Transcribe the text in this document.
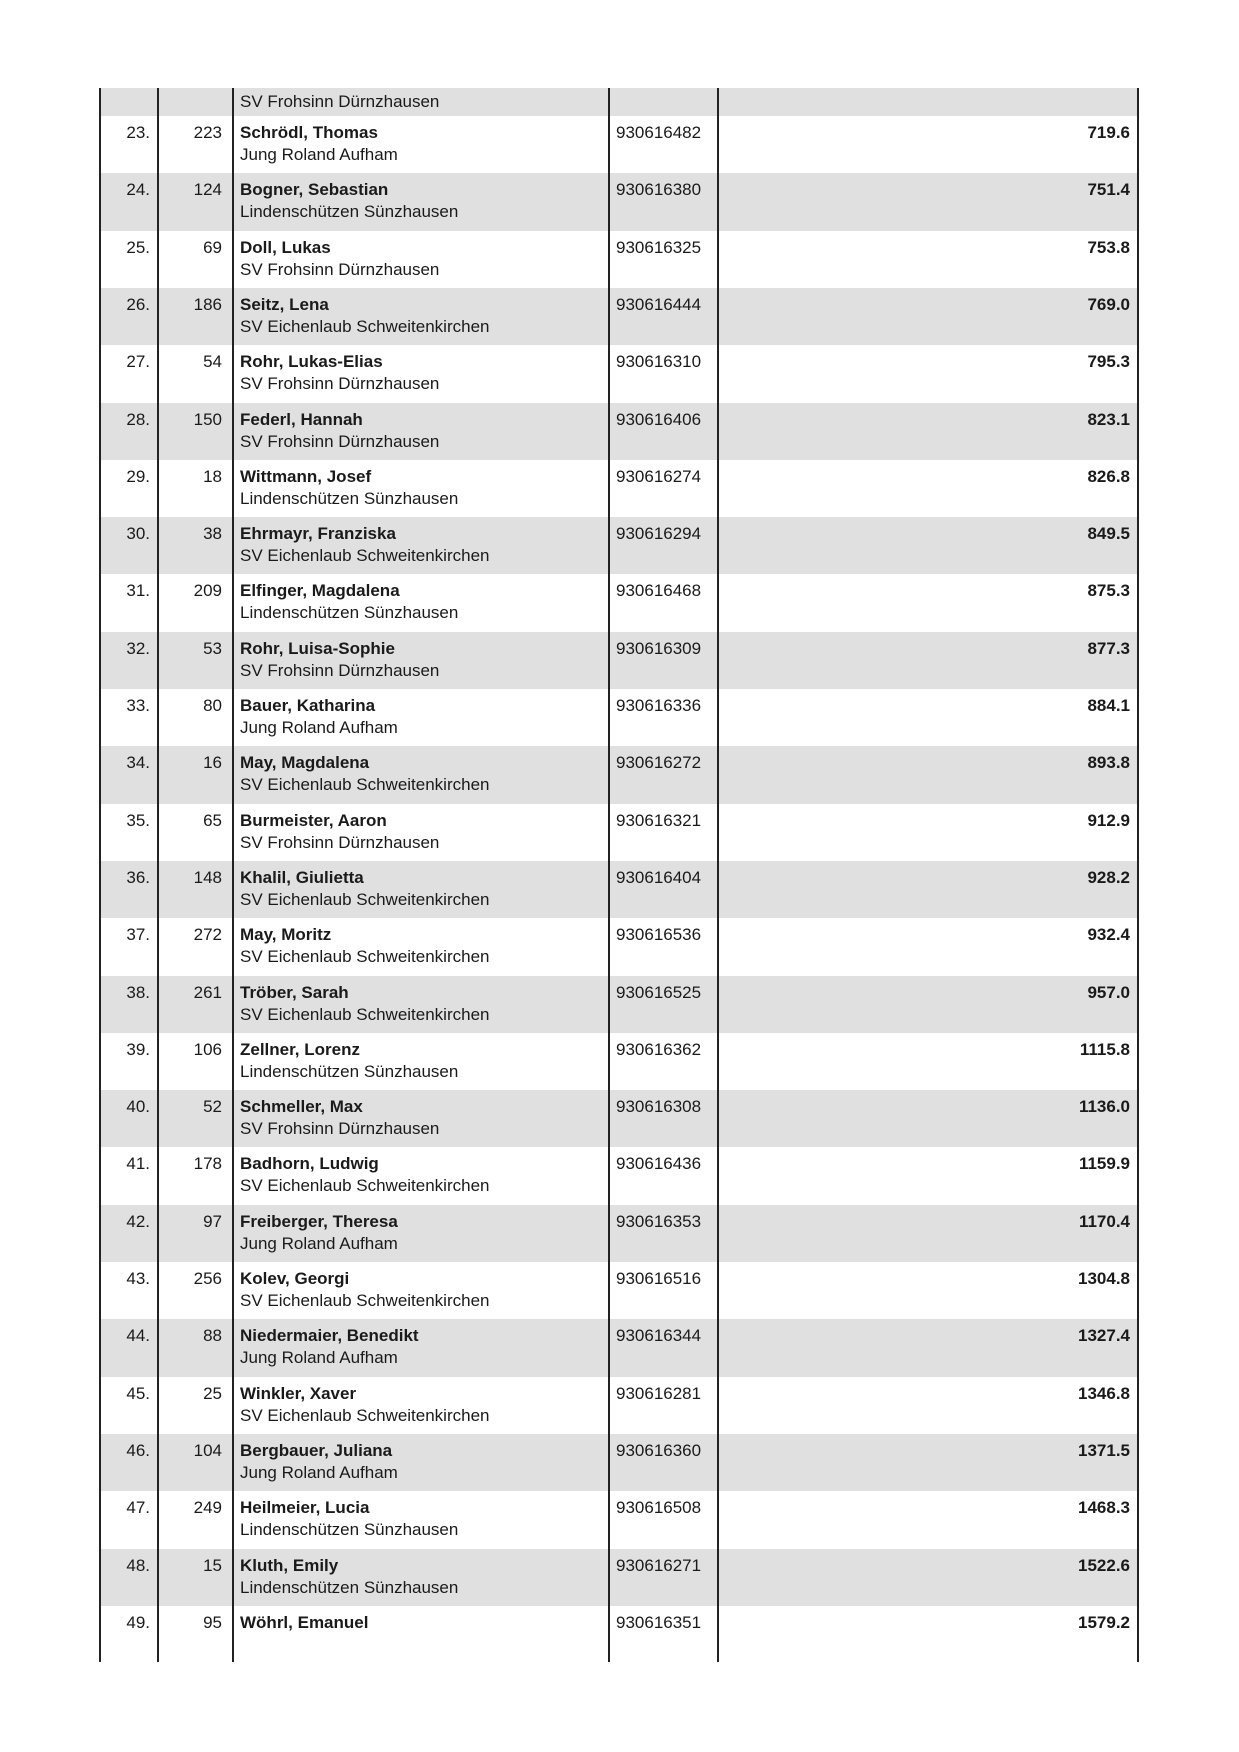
SV Frohsinn Dürnzhausen
23.	223 Schrödl, Thomas
Jung Roland Aufham
930616482	719.6
24.	124 Bogner, Sebastian
Lindenschützen Sünzhausen
930616380	751.4
25.	69 Doll, Lukas
SV Frohsinn Dürnzhausen
930616325	753.8
26.	186 Seitz, Lena
SV Eichenlaub Schweitenkirchen
930616444	769.0
27.	54 Rohr, Lukas-Elias
SV Frohsinn Dürnzhausen
930616310	795.3
28.	150 Federl, Hannah
SV Frohsinn Dürnzhausen
930616406	823.1
29.	18 Wittmann, Josef
Lindenschützen Sünzhausen
930616274	826.8
30.	38 Ehrmayr, Franziska
SV Eichenlaub Schweitenkirchen
930616294	849.5
31.	209 Elfinger, Magdalena
Lindenschützen Sünzhausen
930616468	875.3
32.	53 Rohr, Luisa-Sophie
SV Frohsinn Dürnzhausen
930616309	877.3
33.	80 Bauer, Katharina
Jung Roland Aufham
930616336	884.1
34.	16 May, Magdalena
SV Eichenlaub Schweitenkirchen
930616272	893.8
35.	65 Burmeister, Aaron
SV Frohsinn Dürnzhausen
930616321	912.9
36.	148 Khalil, Giulietta
SV Eichenlaub Schweitenkirchen
930616404	928.2
37.	272 May, Moritz
SV Eichenlaub Schweitenkirchen
930616536	932.4
38.	261 Tröber, Sarah
SV Eichenlaub Schweitenkirchen
930616525	957.0
39.	106 Zellner, Lorenz
Lindenschützen Sünzhausen
930616362	1115.8
40.	52 Schmeller, Max
SV Frohsinn Dürnzhausen
930616308	1136.0
41.	178 Badhorn, Ludwig
SV Eichenlaub Schweitenkirchen
930616436	1159.9
42.	97 Freiberger, Theresa
Jung Roland Aufham
930616353	1170.4
43.	256 Kolev, Georgi
SV Eichenlaub Schweitenkirchen
930616516	1304.8
44.	88 Niedermaier, Benedikt
Jung Roland Aufham
930616344	1327.4
45.	25 Winkler, Xaver
SV Eichenlaub Schweitenkirchen
930616281	1346.8
46.	104 Bergbauer, Juliana
Jung Roland Aufham
930616360	1371.5
47.	249 Heilmeier, Lucia
Lindenschützen Sünzhausen
930616508	1468.3
48.	15 Kluth, Emily
Lindenschützen Sünzhausen
930616271	1522.6
49.	95 Wöhrl, Emanuel	930616351	1579.2
